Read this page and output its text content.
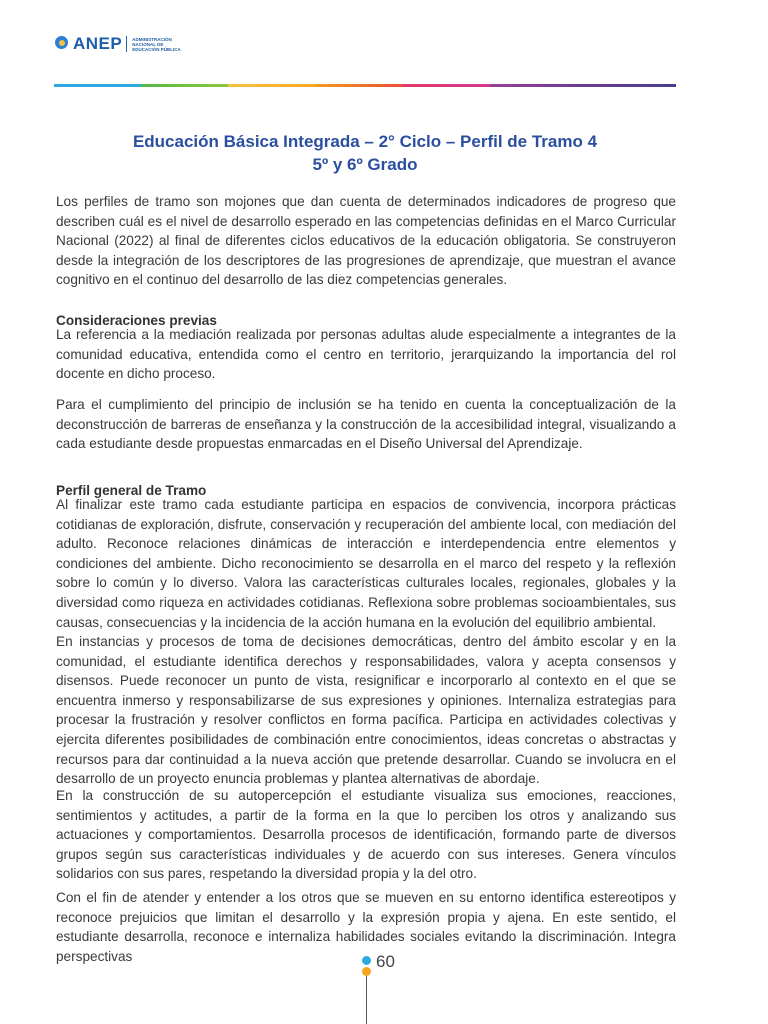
ANEP ADMINISTRACIÓN
NACIONAL DE
EDUCACIÓN PÚBLICA
Educación Básica Integrada – 2° Ciclo – Perfil de Tramo 4
5º y 6º Grado

Los perfiles de tramo son mojones que dan cuenta de determinados indicadores de progreso que describen cuál es el nivel de desarrollo esperado en las competencias definidas en el Marco Curricular Nacional (2022) al final de diferentes ciclos educativos de la educación obligatoria. Se construyeron desde la integración de los descriptores de las progresiones de aprendizaje, que muestran el avance cognitivo en el continuo del desarrollo de las diez competencias generales.

Consideraciones previas

La referencia a la mediación realizada por personas adultas alude especialmente a integrantes de la comunidad educativa, entendida como el centro en territorio, jerarquizando la importancia del rol docente en dicho proceso.

Para el cumplimiento del principio de inclusión se ha tenido en cuenta la conceptualización de la deconstrucción de barreras de enseñanza y la construcción de la accesibilidad integral, visualizando a cada estudiante desde propuestas enmarcadas en el Diseño Universal del Aprendizaje.

Perfil general de Tramo

Al finalizar este tramo cada estudiante participa en espacios de convivencia, incorpora prácticas cotidianas de exploración, disfrute, conservación y recuperación del ambiente local, con mediación del adulto. Reconoce relaciones dinámicas de interacción e interdependencia entre elementos y condiciones del ambiente. Dicho reconocimiento se desarrolla en el marco del respeto y la reflexión sobre lo común y lo diverso. Valora las características culturales locales, regionales, globales y la diversidad como riqueza en actividades cotidianas. Reflexiona sobre problemas socioambientales, sus causas, consecuencias y la incidencia de la acción humana en la evolución del equilibrio ambiental.

En instancias y procesos de toma de decisiones democráticas, dentro del ámbito escolar y en la comunidad, el estudiante identifica derechos y responsabilidades, valora y acepta consensos y disensos. Puede reconocer un punto de vista, resignificar e incorporarlo al contexto en el que se encuentra inmerso y responsabilizarse de sus expresiones y opiniones. Internaliza estrategias para procesar la frustración y resolver conflictos en forma pacífica. Participa en actividades colectivas y ejercita diferentes posibilidades de combinación entre conocimientos, ideas concretas o abstractas y recursos para dar continuidad a la nueva acción que pretende desarrollar. Cuando se involucra en el desarrollo de un proyecto enuncia problemas y plantea alternativas de abordaje.

En la construcción de su autopercepción el estudiante visualiza sus emociones, reacciones, sentimientos y actitudes, a partir de la forma en la que lo perciben los otros y analizando sus actuaciones y comportamientos. Desarrolla procesos de identificación, formando parte de diversos grupos según sus características individuales y de acuerdo con sus intereses. Genera vínculos solidarios con sus pares, respetando la diversidad propia y la del otro.

Con el fin de atender y entender a los otros que se mueven en su entorno identifica estereotipos y reconoce prejuicios que limitan el desarrollo y la expresión propia y ajena. En este sentido, el estudiante desarrolla, reconoce e internaliza habilidades sociales evitando la discriminación. Integra perspectivas	60
